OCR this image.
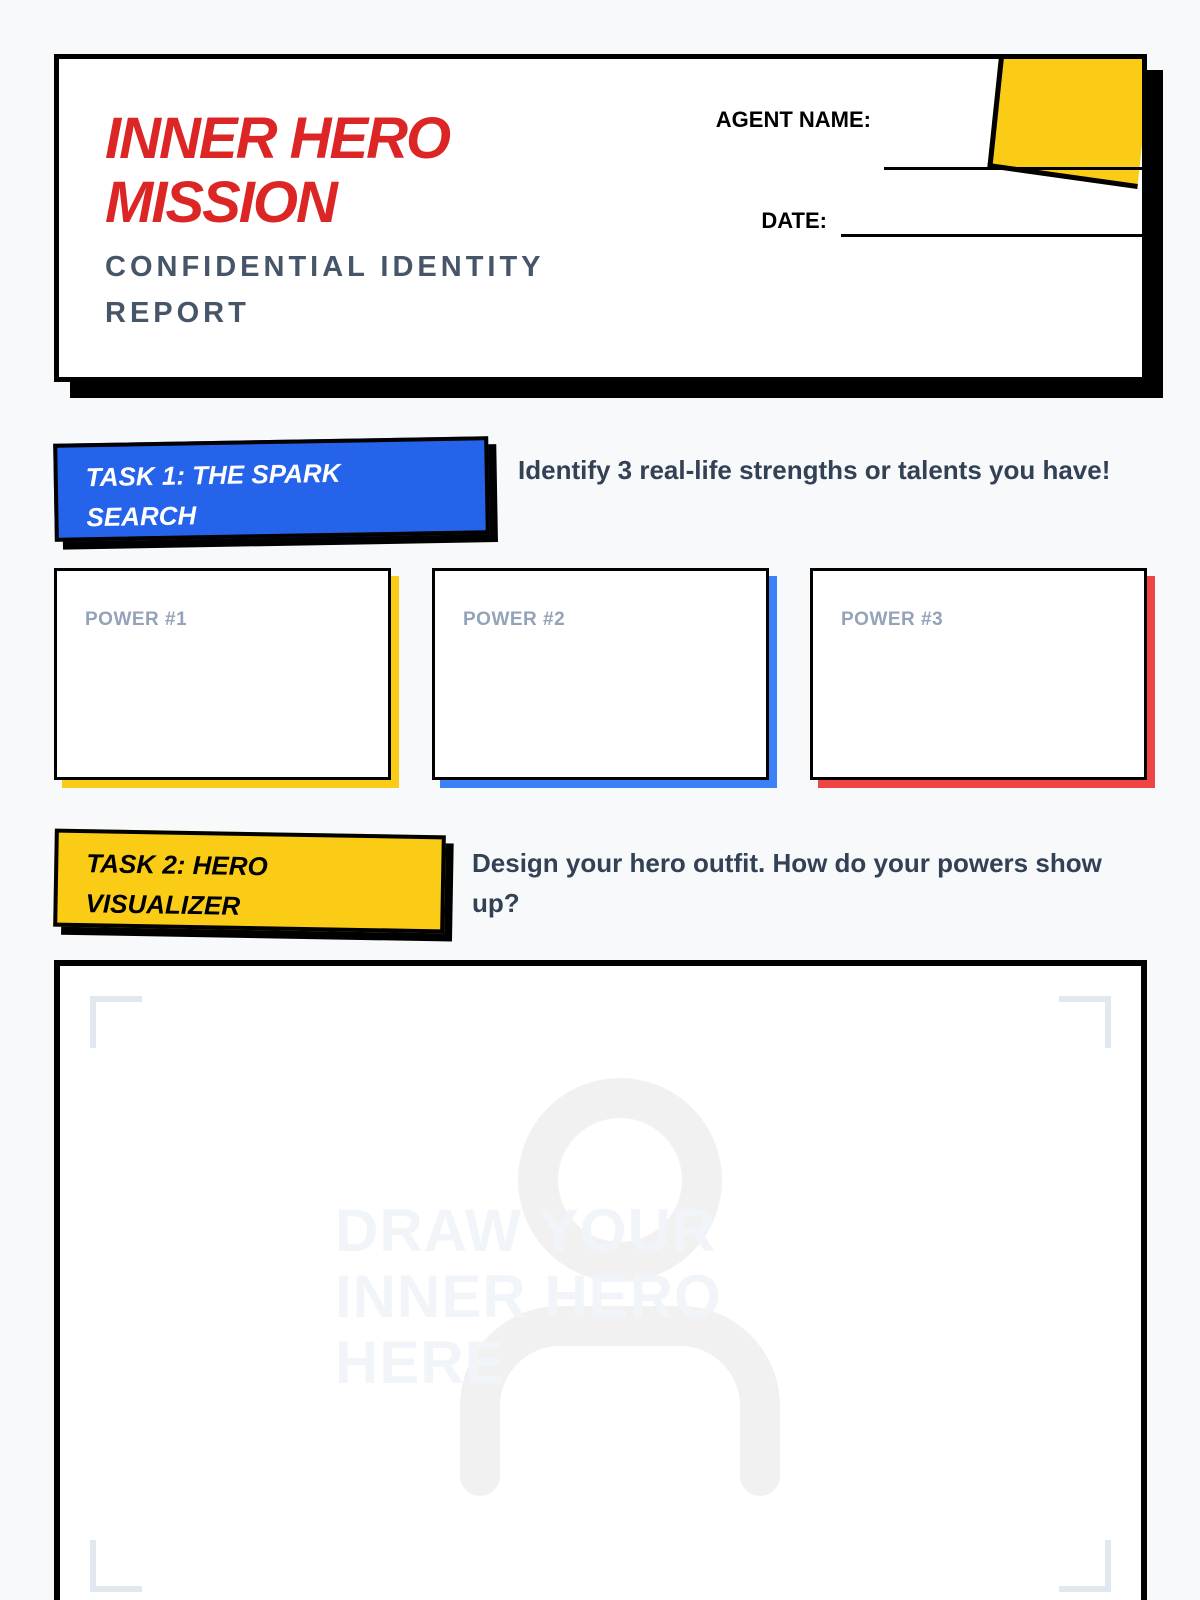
INNER HERO MISSION
CONFIDENTIAL IDENTITY REPORT
AGENT NAME:
DATE:
TASK 1: THE SPARK SEARCH
Identify 3 real-life strengths or talents you have!
POWER #1	POWER #2	POWER #3
TASK 2: HERO VISUALIZER
Design your hero outfit. How do your powers show up?
DRAW YOUR INNER HERO HERE
